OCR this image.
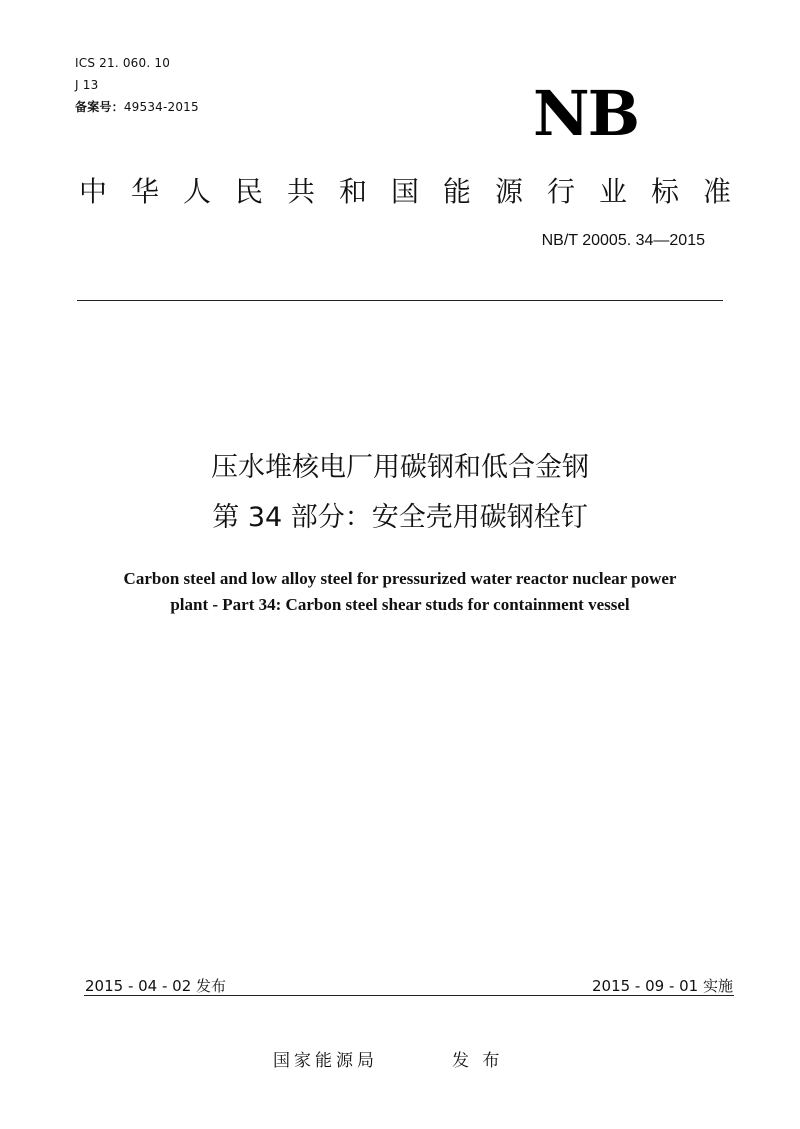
ICS 21. 060. 10
J 13
备案号：49534-2015	NB
中 华 人 民 共 和 国 能 源 行 业 标 准
NB/T 20005. 34—2015
压水堆核电厂用碳钢和低合金钢
第 34 部分：安全壳用碳钢栓钉
Carbon steel and low alloy steel for pressurized water reactor nuclear power
plant - Part 34: Carbon steel shear studs for containment vessel
2015 - 04 - 02 发布	2015 - 09 - 01 实施
国家能源局	发 布
